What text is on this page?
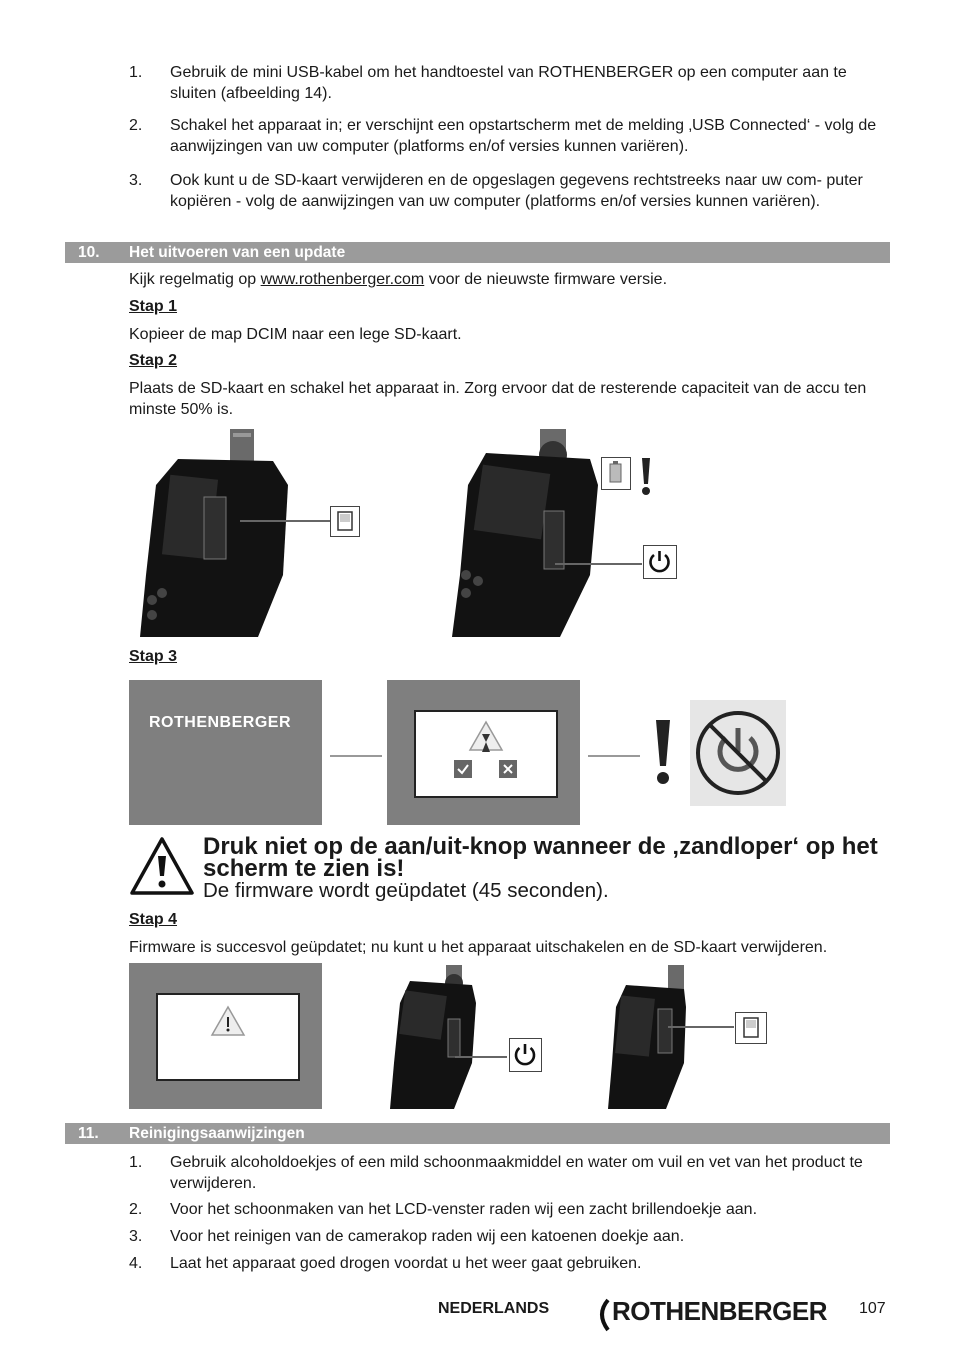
1.	Gebruik de mini USB-kabel om het handtoestel van ROTHENBERGER op een computer aan te sluiten (afbeelding 14).
2.	Schakel het apparaat in; er verschijnt een opstartscherm met de melding ‚USB Connected‘ - volg de aanwijzingen van uw computer (platforms en/of versies kunnen variëren).
3.	Ook kunt u de SD-kaart verwijderen en de opgeslagen gegevens rechtstreeks naar uw com- puter kopiëren - volg de aanwijzingen van uw computer (platforms en/of versies kunnen variëren).
10. Het uitvoeren van een update
Kijk regelmatig op www.rothenberger.com voor de nieuwste firmware versie.
Stap 1
Kopieer de map DCIM naar een lege SD-kaart.
Stap 2
Plaats de SD-kaart en schakel het apparaat in. Zorg ervoor dat de resterende capaciteit van de accu ten minste 50% is.
Stap 3
ROTHENBERGER
Druk niet op de aan/uit-knop wanneer de ‚zandloper‘ op het scherm te zien is!
De firmware wordt geüpdatet (45 seconden).
Stap 4
Firmware is succesvol geüpdatet; nu kunt u het apparaat uitschakelen en de SD-kaart verwijderen.
11. Reinigingsaanwijzingen
1.	Gebruik alcoholdoekjes of een mild schoonmaakmiddel en water om vuil en vet van het product te verwijderen.
2.	Voor het schoonmaken van het LCD-venster raden wij een zacht brillendoekje aan.
3.	Voor het reinigen van de camerakop raden wij een katoenen doekje aan.
4.	Laat het apparaat goed drogen voordat u het weer gaat gebruiken.
NEDERLANDS ROTHENBERGER 107
